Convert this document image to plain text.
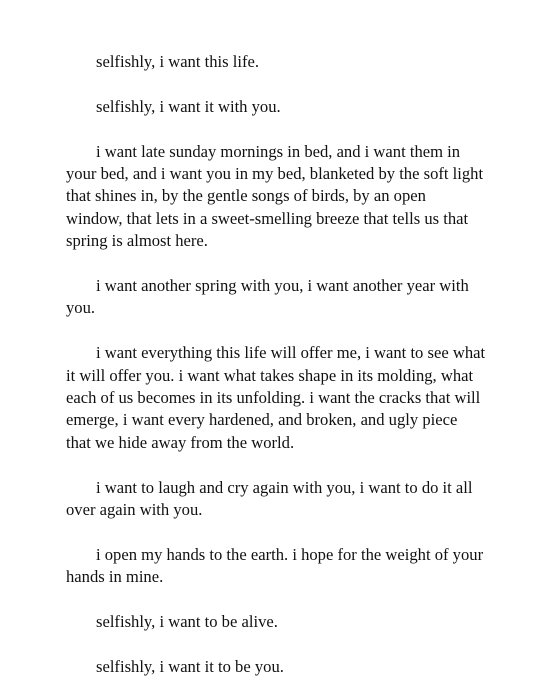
selfishly, i want this life.

selfishly, i want it with you.

i want late sunday mornings in bed, and i want them in your bed, and i want you in my bed, blanketed by the soft light that shines in, by the gentle songs of birds, by an open window, that lets in a sweet-smelling breeze that tells us that spring is almost here.

i want another spring with you, i want another year with you.

i want everything this life will offer me, i want to see what it will offer you. i want what takes shape in its molding, what each of us becomes in its unfolding. i want the cracks that will emerge, i want every hardened, and broken, and ugly piece that we hide away from the world.

i want to laugh and cry again with you, i want to do it all over again with you.

i open my hands to the earth. i hope for the weight of your hands in mine.

selfishly, i want to be alive.

selfishly, i want it to be you.
